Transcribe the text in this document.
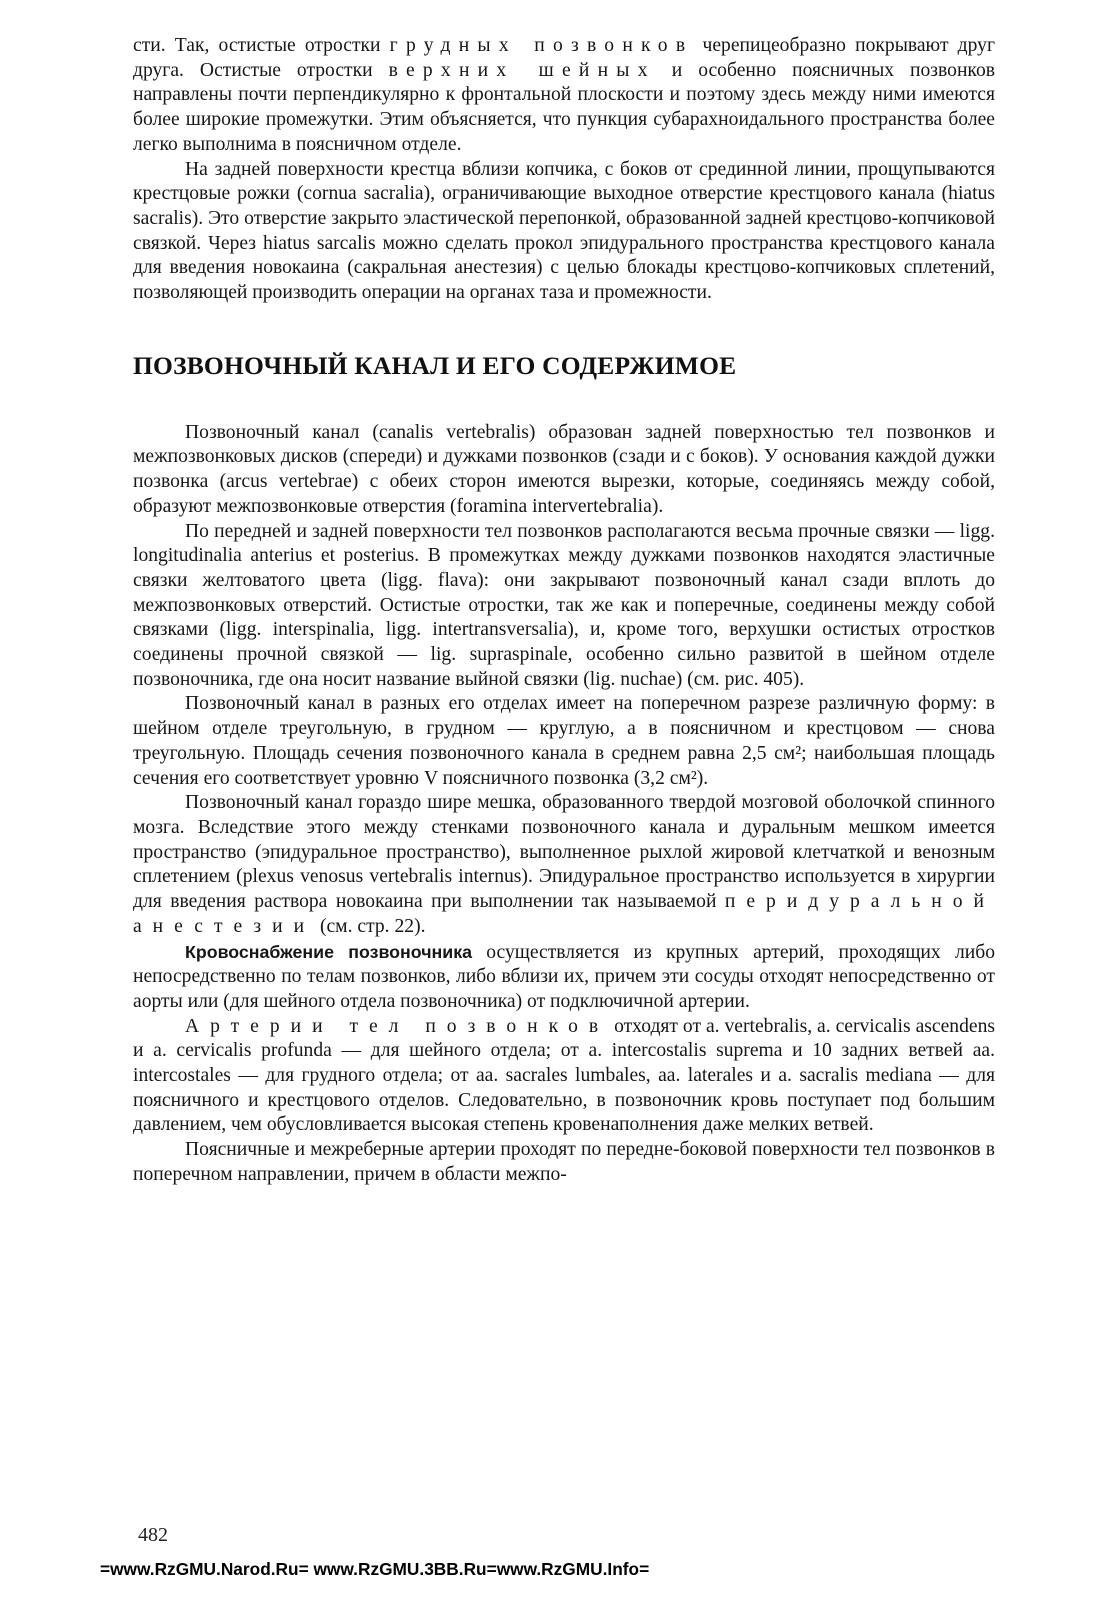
сти. Так, остистые отростки грудных позвонков черепицеобразно покрывают друг друга. Остистые отростки верхних шейных и особенно поясничных позвонков направлены почти перпендикулярно к фронтальной плоскости и поэтому здесь между ними имеются более широкие промежутки. Этим объясняется, что пункция субарахноидального пространства более легко выполнима в поясничном отделе.

На задней поверхности крестца вблизи копчика, с боков от срединной линии, прощупываются крестцовые рожки (cornua sacralia), ограничивающие выходное отверстие крестцового канала (hiatus sacralis). Это отверстие закрыто эластической перепонкой, образованной задней крестцово-копчиковой связкой. Через hiatus sarcalis можно сделать прокол эпидурального пространства крестцового канала для введения новокаина (сакральная анестезия) с целью блокады крестцово-копчиковых сплетений, позволяющей производить операции на органах таза и промежности.

ПОЗВОНОЧНЫЙ КАНАЛ И ЕГО СОДЕРЖИМОЕ

Позвоночный канал (canalis vertebralis) образован задней поверхностью тел позвонков и межпозвонковых дисков (спереди) и дужками позвонков (сзади и с боков). У основания каждой дужки позвонка (arcus vertebrae) с обеих сторон имеются вырезки, которые, соединяясь между собой, образуют межпозвонковые отверстия (foramina intervertebralia).

По передней и задней поверхности тел позвонков располагаются весьма прочные связки — ligg. longitudinalia anterius et posterius. В промежутках между дужками позвонков находятся эластичные связки желтоватого цвета (ligg. flava): они закрывают позвоночный канал сзади вплоть до межпозвонковых отверстий. Остистые отростки, так же как и поперечные, соединены между собой связками (ligg. interspinalia, ligg. intertransversalia), и, кроме того, верхушки остистых отростков соединены прочной связкой — lig. supraspinale, особенно сильно развитой в шейном отделе позвоночника, где она носит название выйной связки (lig. nuchae) (см. рис. 405).

Позвоночный канал в разных его отделах имеет на поперечном разрезе различную форму: в шейном отделе треугольную, в грудном — круглую, а в поясничном и крестцовом — снова треугольную. Площадь сечения позвоночного канала в среднем равна 2,5 см²; наибольшая площадь сечения его соответствует уровню V поясничного позвонка (3,2 см²).

Позвоночный канал гораздо шире мешка, образованного твердой мозговой оболочкой спинного мозга. Вследствие этого между стенками позвоночного канала и дуральным мешком имеется пространство (эпидуральное пространство), выполненное рыхлой жировой клетчаткой и венозным сплетением (plexus venosus vertebralis internus). Эпидуральное пространство используется в хирургии для введения раствора новокаина при выполнении так называемой перидуральной анестезии (см. стр. 22).

Кровоснабжение позвоночника осуществляется из крупных артерий, проходящих либо непосредственно по телам позвонков, либо вблизи их, причем эти сосуды отходят непосредственно от аорты или (для шейного отдела позвоночника) от подключичной артерии.

Артерии тел позвонков отходят от a. vertebralis, a. cervicalis ascendens и a. cervicalis profunda — для шейного отдела; от a. intercostalis suprema и 10 задних ветвей aa. intercostales — для грудного отдела; от aa. sacrales lumbales, aa. laterales и a. sacralis mediana — для поясничного и крестцового отделов. Следовательно, в позвоночник кровь поступает под большим давлением, чем обусловливается высокая степень кровенаполнения даже мелких ветвей.

Поясничные и межреберные артерии проходят по передне-боковой поверхности тел позвонков в поперечном направлении, причем в области межпо-

482
=www.RzGMU.Narod.Ru= www.RzGMU.3BB.Ru=www.RzGMU.Info=
